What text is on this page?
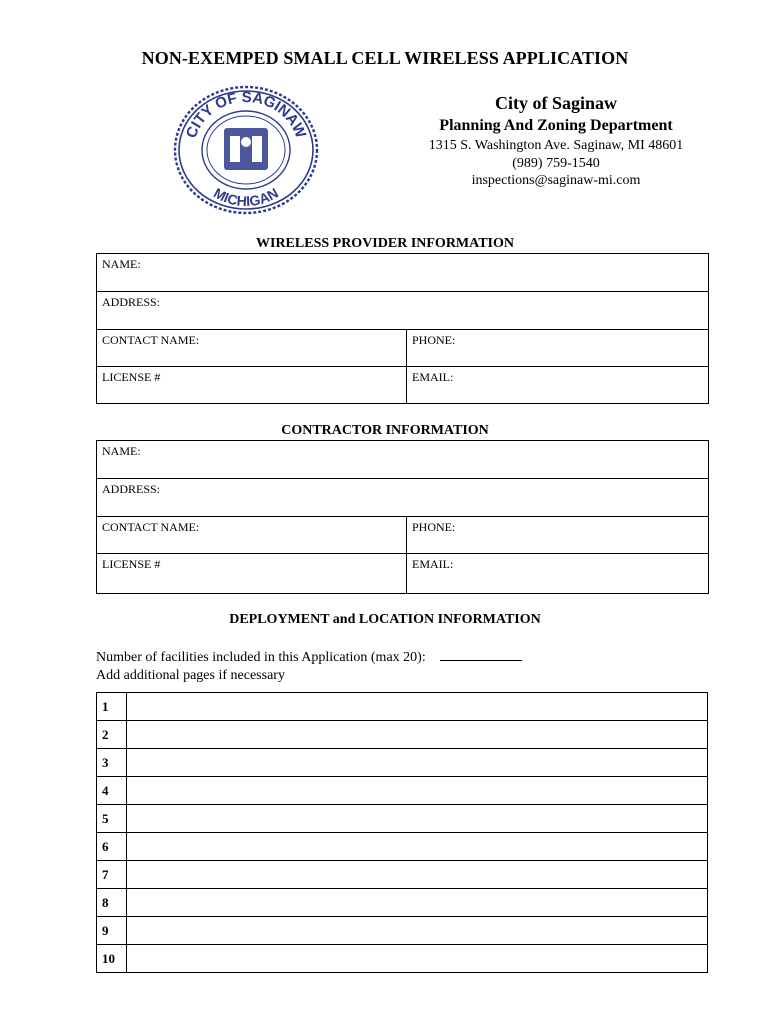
NON-EXEMPED SMALL CELL WIRELESS APPLICATION
CITY OF SAGINAW
MICHIGAN
City of Saginaw
Planning And Zoning Department
1315 S. Washington Ave. Saginaw, MI 48601
(989) 759-1540
inspections@saginaw-mi.com
WIRELESS PROVIDER INFORMATION
NAME:	
ADDRESS:	
CONTACT NAME:	PHONE:
LICENSE #	EMAIL:
CONTRACTOR INFORMATION
NAME:	
ADDRESS:	
CONTACT NAME:	PHONE:
LICENSE #	EMAIL:
DEPLOYMENT and LOCATION INFORMATION
Number of facilities included in this Application (max 20):
Add additional pages if necessary
1	
2	
3	
4	
5	
6	
7	
8	
9	
10	
